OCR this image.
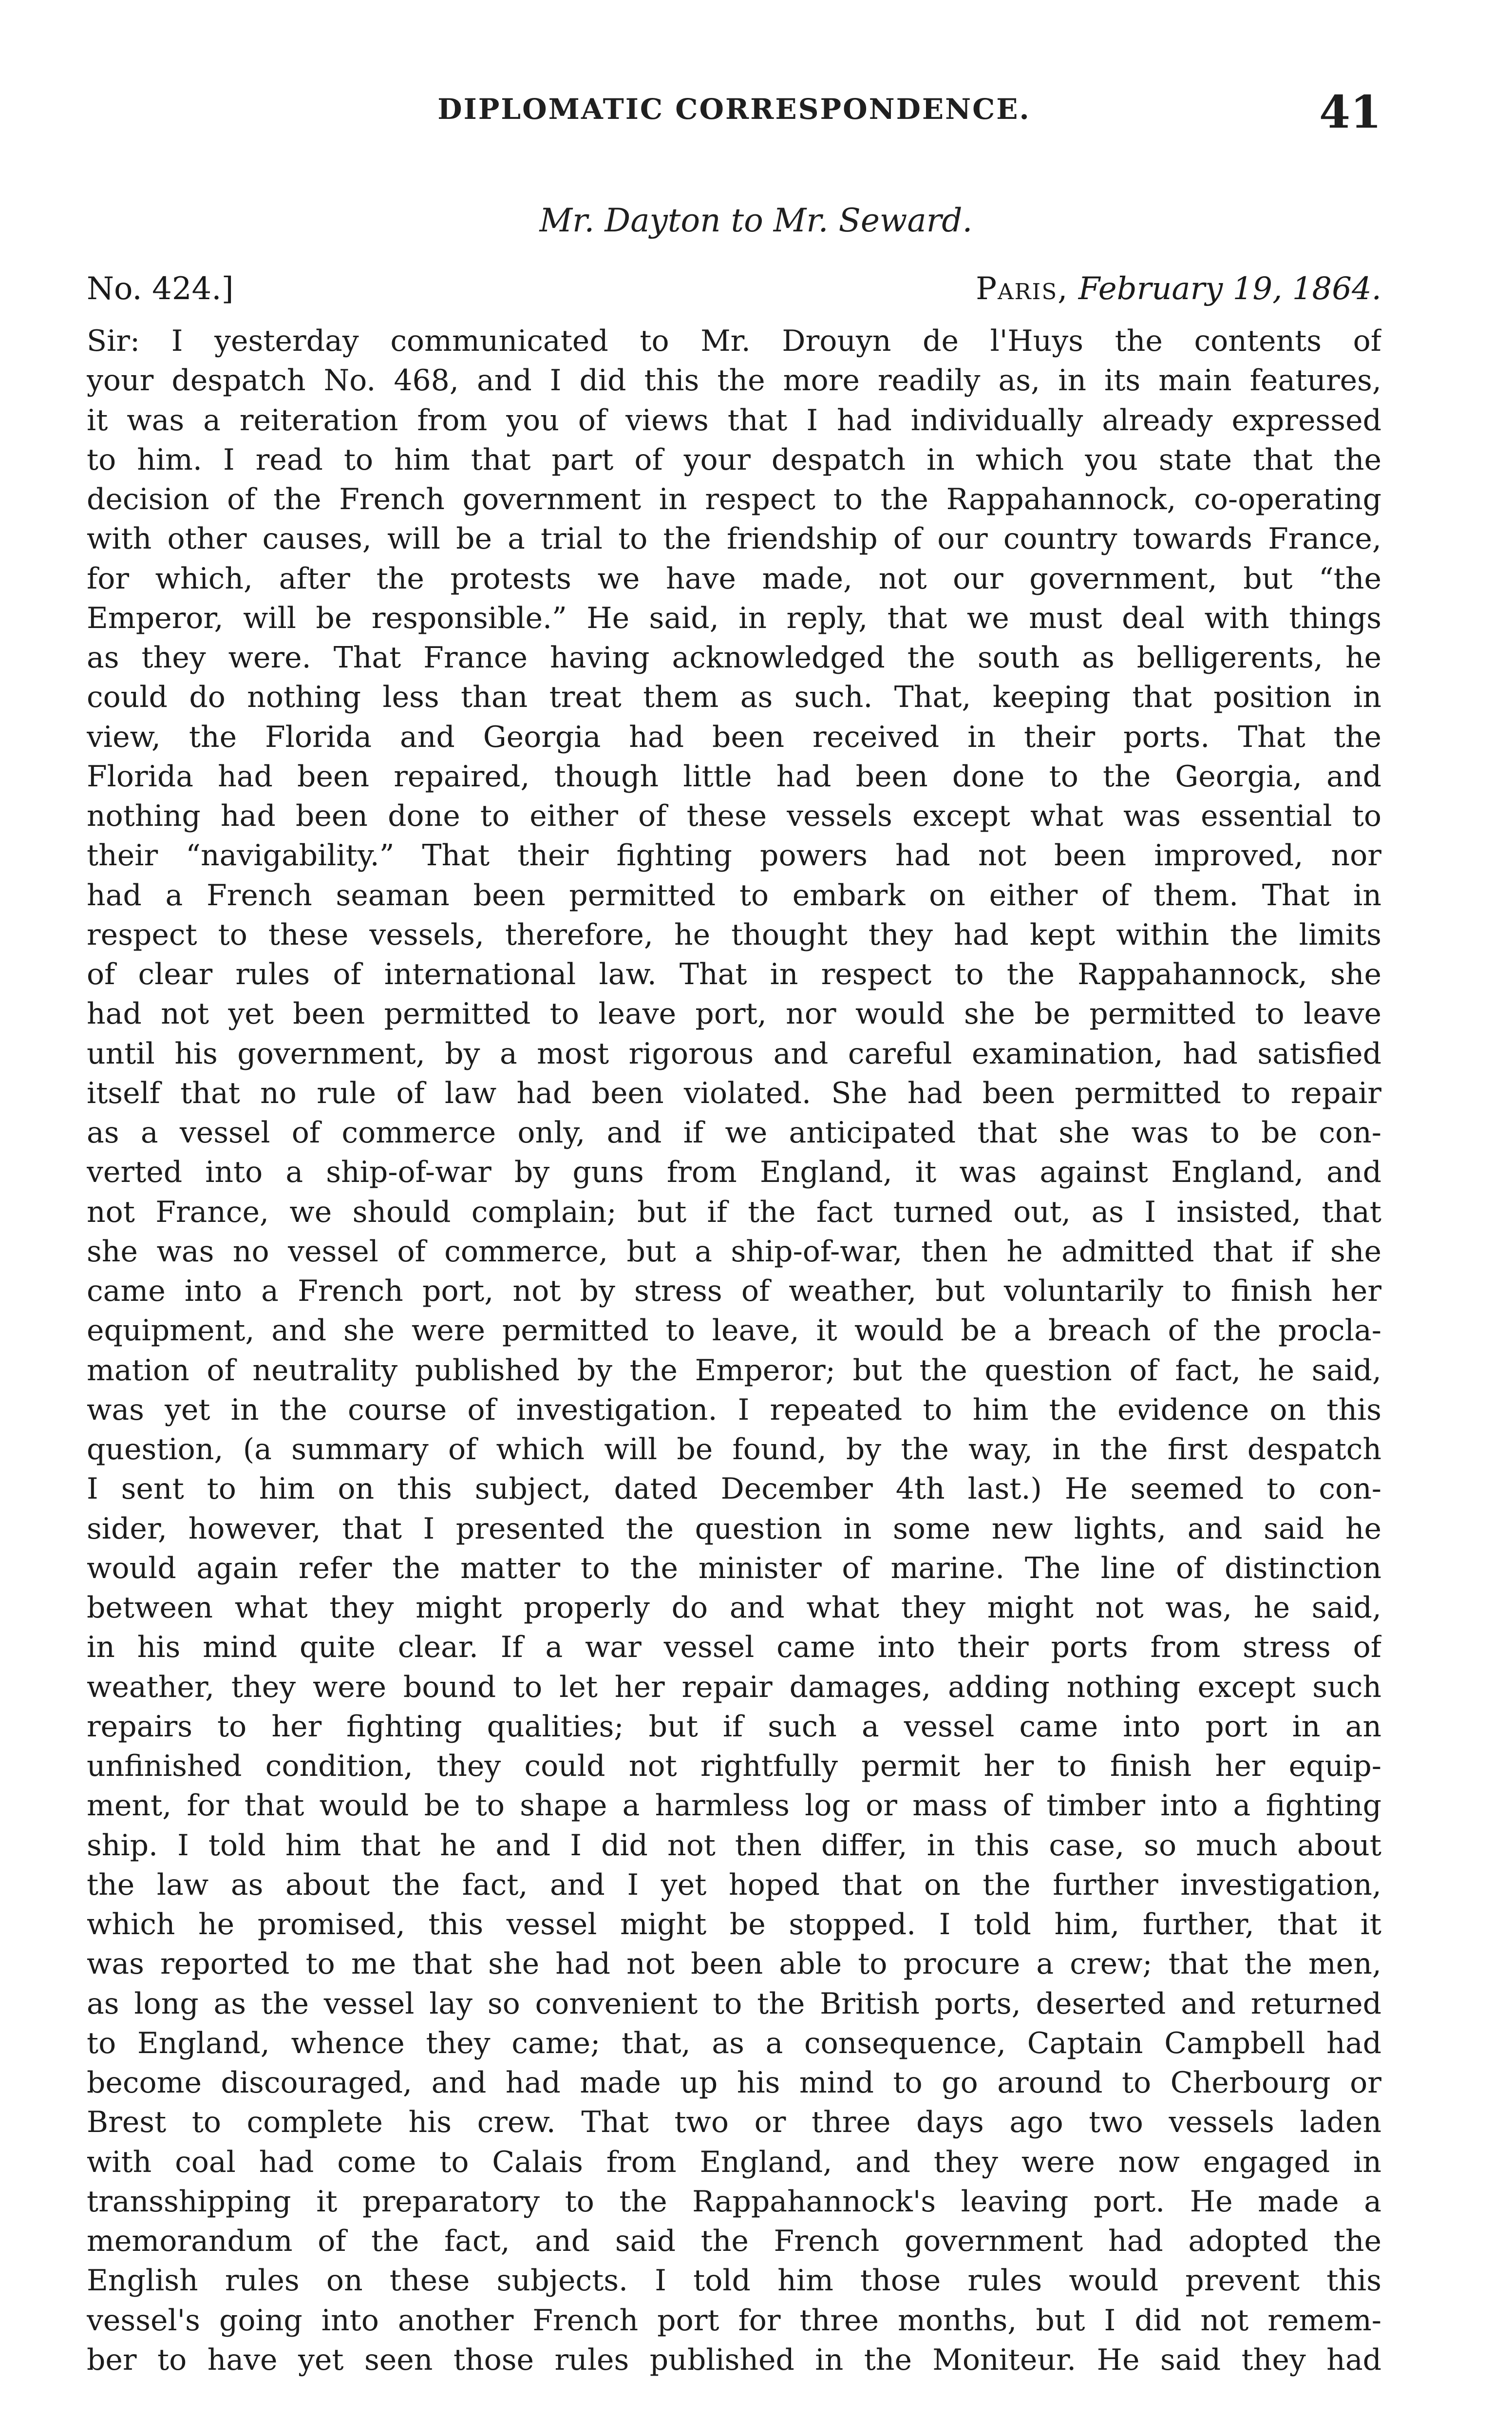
DIPLOMATIC CORRESPONDENCE.	41
Mr. Dayton to Mr. Seward.
No. 424.]	Paris, February 19, 1864.
Sir: I yesterday communicated to Mr. Drouyn de l'Huys the contents of
your despatch No. 468, and I did this the more readily as, in its main features,
it was a reiteration from you of views that I had individually already expressed
to him. I read to him that part of your despatch in which you state that the
decision of the French government in respect to the Rappahannock, co-operating
with other causes, will be a trial to the friendship of our country towards France,
for which, after the protests we have made, not our government, but “the
Emperor, will be responsible.” He said, in reply, that we must deal with things
as they were. That France having acknowledged the south as belligerents, he
could do nothing less than treat them as such. That, keeping that position in
view, the Florida and Georgia had been received in their ports. That the
Florida had been repaired, though little had been done to the Georgia, and
nothing had been done to either of these vessels except what was essential to
their “navigability.” That their fighting powers had not been improved, nor
had a French seaman been permitted to embark on either of them. That in
respect to these vessels, therefore, he thought they had kept within the limits
of clear rules of international law. That in respect to the Rappahannock, she
had not yet been permitted to leave port, nor would she be permitted to leave
until his government, by a most rigorous and careful examination, had satisfied
itself that no rule of law had been violated. She had been permitted to repair
as a vessel of commerce only, and if we anticipated that she was to be con-
verted into a ship-of-war by guns from England, it was against England, and
not France, we should complain; but if the fact turned out, as I insisted, that
she was no vessel of commerce, but a ship-of-war, then he admitted that if she
came into a French port, not by stress of weather, but voluntarily to finish her
equipment, and she were permitted to leave, it would be a breach of the procla-
mation of neutrality published by the Emperor; but the question of fact, he said,
was yet in the course of investigation. I repeated to him the evidence on this
question, (a summary of which will be found, by the way, in the first despatch
I sent to him on this subject, dated December 4th last.) He seemed to con-
sider, however, that I presented the question in some new lights, and said he
would again refer the matter to the minister of marine. The line of distinction
between what they might properly do and what they might not was, he said,
in his mind quite clear. If a war vessel came into their ports from stress of
weather, they were bound to let her repair damages, adding nothing except such
repairs to her fighting qualities; but if such a vessel came into port in an
unfinished condition, they could not rightfully permit her to finish her equip-
ment, for that would be to shape a harmless log or mass of timber into a fighting
ship. I told him that he and I did not then differ, in this case, so much about
the law as about the fact, and I yet hoped that on the further investigation,
which he promised, this vessel might be stopped. I told him, further, that it
was reported to me that she had not been able to procure a crew; that the men,
as long as the vessel lay so convenient to the British ports, deserted and returned
to England, whence they came; that, as a consequence, Captain Campbell had
become discouraged, and had made up his mind to go around to Cherbourg or
Brest to complete his crew. That two or three days ago two vessels laden
with coal had come to Calais from England, and they were now engaged in
transshipping it preparatory to the Rappahannock's leaving port. He made a
memorandum of the fact, and said the French government had adopted the
English rules on these subjects. I told him those rules would prevent this
vessel's going into another French port for three months, but I did not remem-
ber to have yet seen those rules published in the Moniteur. He said they had
